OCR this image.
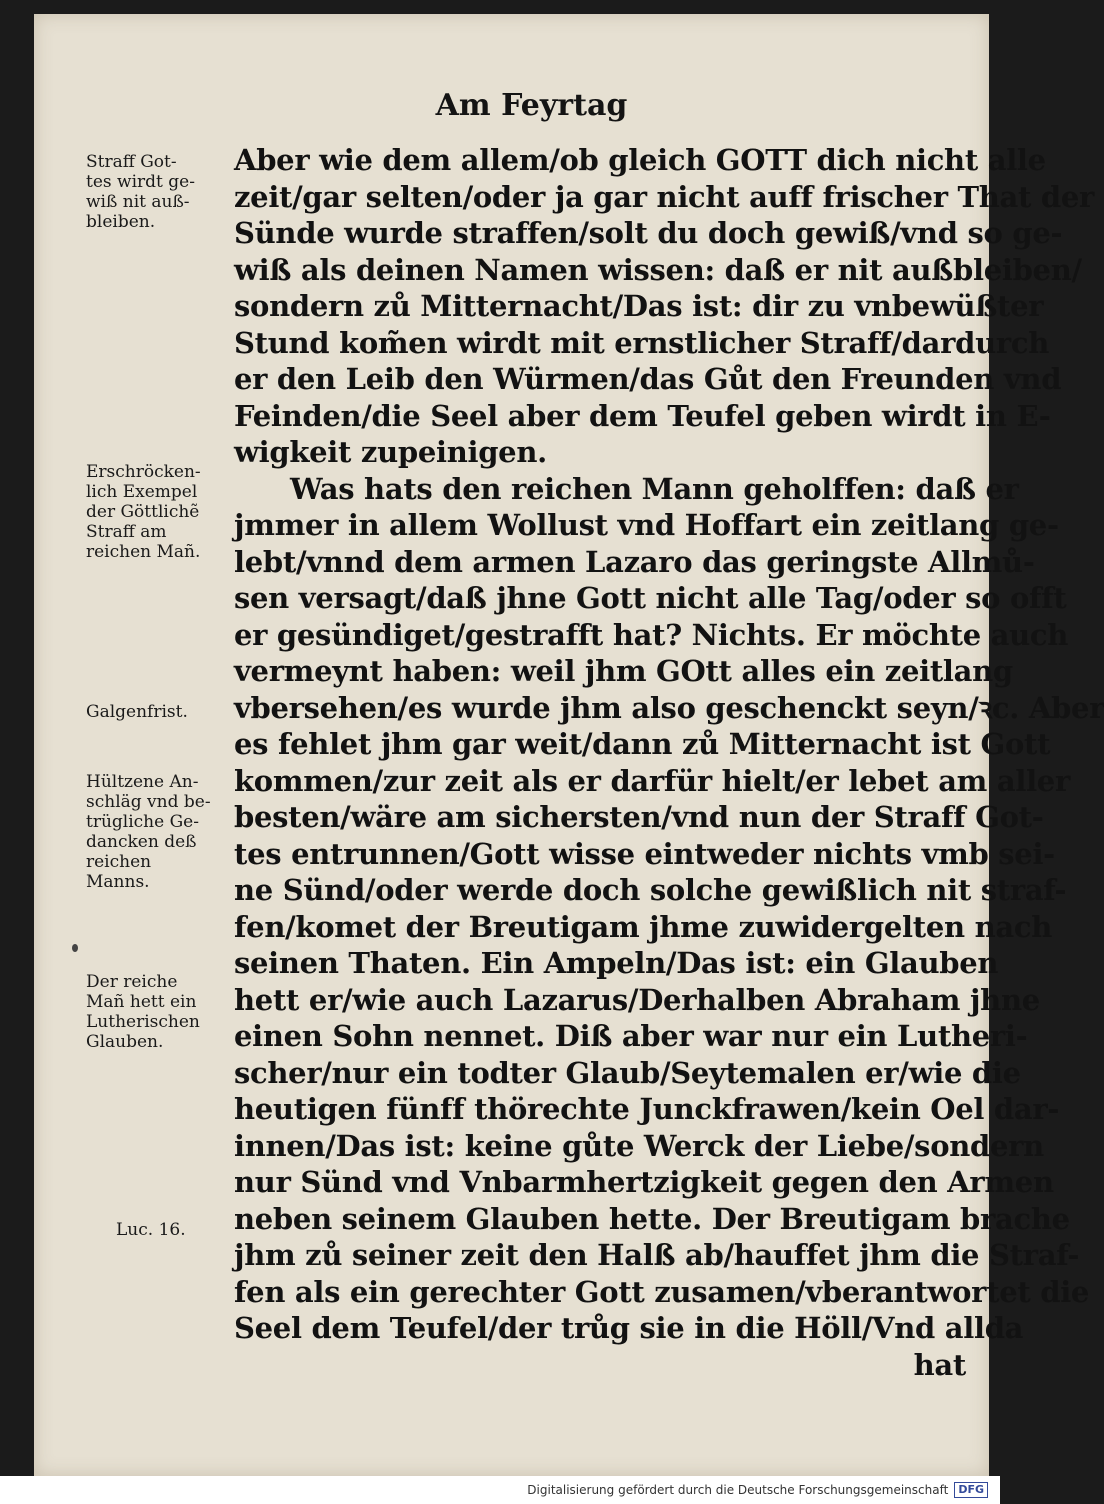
Am Feyrtag
Straff Got-
tes wirdt ge-
wiß nit auß-
bleiben.
Erschröcken-
lich Exempel
der Göttlichẽ
Straff am
reichen Mañ.
Galgenfrist.
Hültzene An-
schläg vnd be-
trügliche Ge-
dancken deß
reichen
Manns.
Der reiche
Mañ hett ein
Lutherischen
Glauben.
Luc. 16.
Aber wie dem allem/ob gleich GOTT dich nicht alle
zeit/gar selten/oder ja gar nicht auff frischer That der
Sünde wurde straffen/solt du doch gewiß/vnd so ge-
wiß als deinen Namen wissen: daß er nit außbleiben/
sondern zů Mitternacht/Das ist: dir zu vnbewüßter
Stund kom̃en wirdt mit ernstlicher Straff/dardurch
er den Leib den Würmen/das Gůt den Freunden vnd
Feinden/die Seel aber dem Teufel geben wirdt in E-
wigkeit zupeinigen.
Was hats den reichen Mann geholffen: daß er
jmmer in allem Wollust vnd Hoffart ein zeitlang ge-
lebt/vnnd dem armen Lazaro das geringste Allmů-
sen versagt/daß jhne Gott nicht alle Tag/oder so offt
er gesündiget/gestrafft hat? Nichts. Er möchte auch
vermeynt haben: weil jhm GOtt alles ein zeitlang
vbersehen/es wurde jhm also geschenckt seyn/ꝛc. Aber
es fehlet jhm gar weit/dann zů Mitternacht ist Gott
kommen/zur zeit als er darfür hielt/er lebet am aller
besten/wäre am sichersten/vnd nun der Straff Got-
tes entrunnen/Gott wisse eintweder nichts vmb sei-
ne Sünd/oder werde doch solche gewißlich nit straf-
fen/komet der Breutigam jhme zuwidergelten nach
seinen Thaten. Ein Ampeln/Das ist: ein Glauben
hett er/wie auch Lazarus/Derhalben Abraham jhne
einen Sohn nennet. Diß aber war nur ein Lutheri-
scher/nur ein todter Glaub/Seytemalen er/wie die
heutigen fünff thörechte Junckfrawen/kein Oel dar-
innen/Das ist: keine gůte Werck der Liebe/sondern
nur Sünd vnd Vnbarmhertzigkeit gegen den Armen
neben seinem Glauben hette. Der Breutigam brache
jhm zů seiner zeit den Halß ab/hauffet jhm die Straf-
fen als ein gerechter Gott zusamen/vberantwortet die
Seel dem Teufel/der trůg sie in die Höll/Vnd allda
hat
Digitalisierung gefördert durch die Deutsche Forschungsgemeinschaft DFG
